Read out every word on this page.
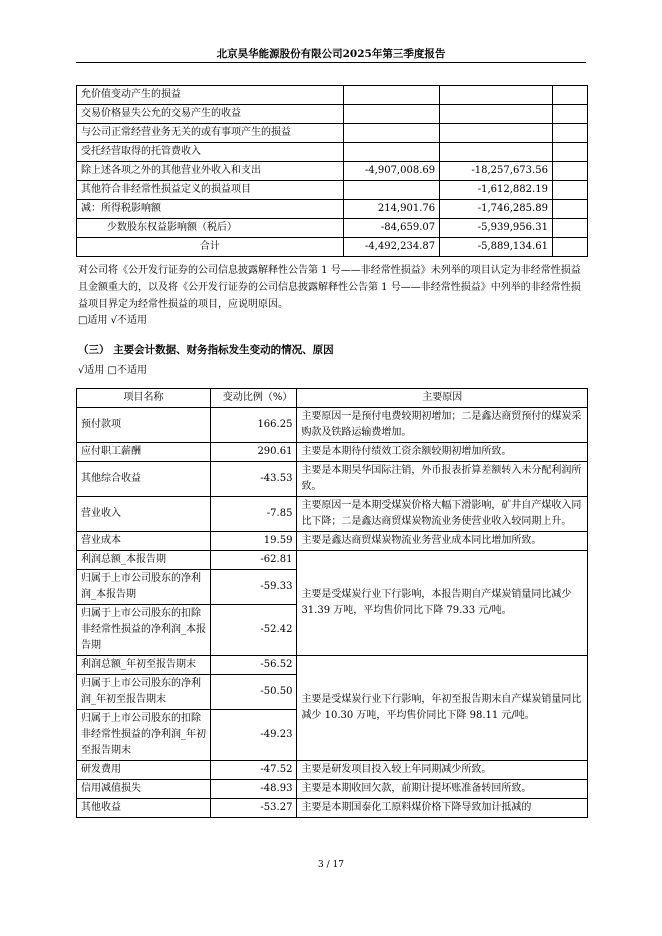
北京昊华能源股份有限公司2025年第三季度报告
允价值变动产生的损益			
交易价格显失公允的交易产生的收益			
与公司正常经营业务无关的或有事项产生的损益			
受托经营取得的托管费收入			
除上述各项之外的其他营业外收入和支出	-4,907,008.69	-18,257,673.56	
其他符合非经常性损益定义的损益项目		-1,612,882.19	
减：所得税影响额	214,901.76	-1,746,285.89	
少数股东权益影响额（税后）	-84,659.07	-5,939,956.31	
合计	-4,492,234.87	-5,889,134.61	
对公司将《公开发行证券的公司信息披露解释性公告第 1 号——非经常性损益》未列举的项目认定为非经常性损益且金额重大的，以及将《公开发行证券的公司信息披露解释性公告第 1 号——非经常性损益》中列举的非经常性损益项目界定为经常性损益的项目，应说明原因。
□适用 √不适用
（三） 主要会计数据、财务指标发生变动的情况、原因
√适用 □不适用
项目名称	变动比例（%）	主要原因
预付款项	166.25	主要原因一是预付电费较期初增加；二是鑫达商贸预付的煤炭采购款及铁路运输费增加。
应付职工薪酬	290.61	主要是本期待付绩效工资余额较期初增加所致。
其他综合收益	-43.53	主要是本期昊华国际注销，外币报表折算差额转入未分配利润所致。
营业收入	-7.85	主要原因一是本期受煤炭价格大幅下滑影响，矿井自产煤收入同比下降；二是鑫达商贸煤炭物流业务使营业收入较同期上升。
营业成本	19.59	主要是鑫达商贸煤炭物流业务营业成本同比增加所致。
利润总额_本报告期	-62.81	主要是受煤炭行业下行影响，本报告期自产煤炭销量同比减少 31.39 万吨，平均售价同比下降 79.33 元/吨。
归属于上市公司股东的净利润_本报告期	-59.33	
归属于上市公司股东的扣除非经常性损益的净利润_本报告期	-52.42	
利润总额_年初至报告期末	-56.52	主要是受煤炭行业下行影响，年初至报告期末自产煤炭销量同比减少 10.30 万吨，平均售价同比下降 98.11 元/吨。
归属于上市公司股东的净利润_年初至报告期末	-50.50	
归属于上市公司股东的扣除非经常性损益的净利润_年初至报告期末	-49.23	
研发费用	-47.52	主要是研发项目投入较上年同期减少所致。
信用减值损失	-48.93	主要是本期收回欠款，前期计提坏账准备转回所致。
其他收益	-53.27	主要是本期国泰化工原料煤价格下降导致加计抵减的
3 / 17
